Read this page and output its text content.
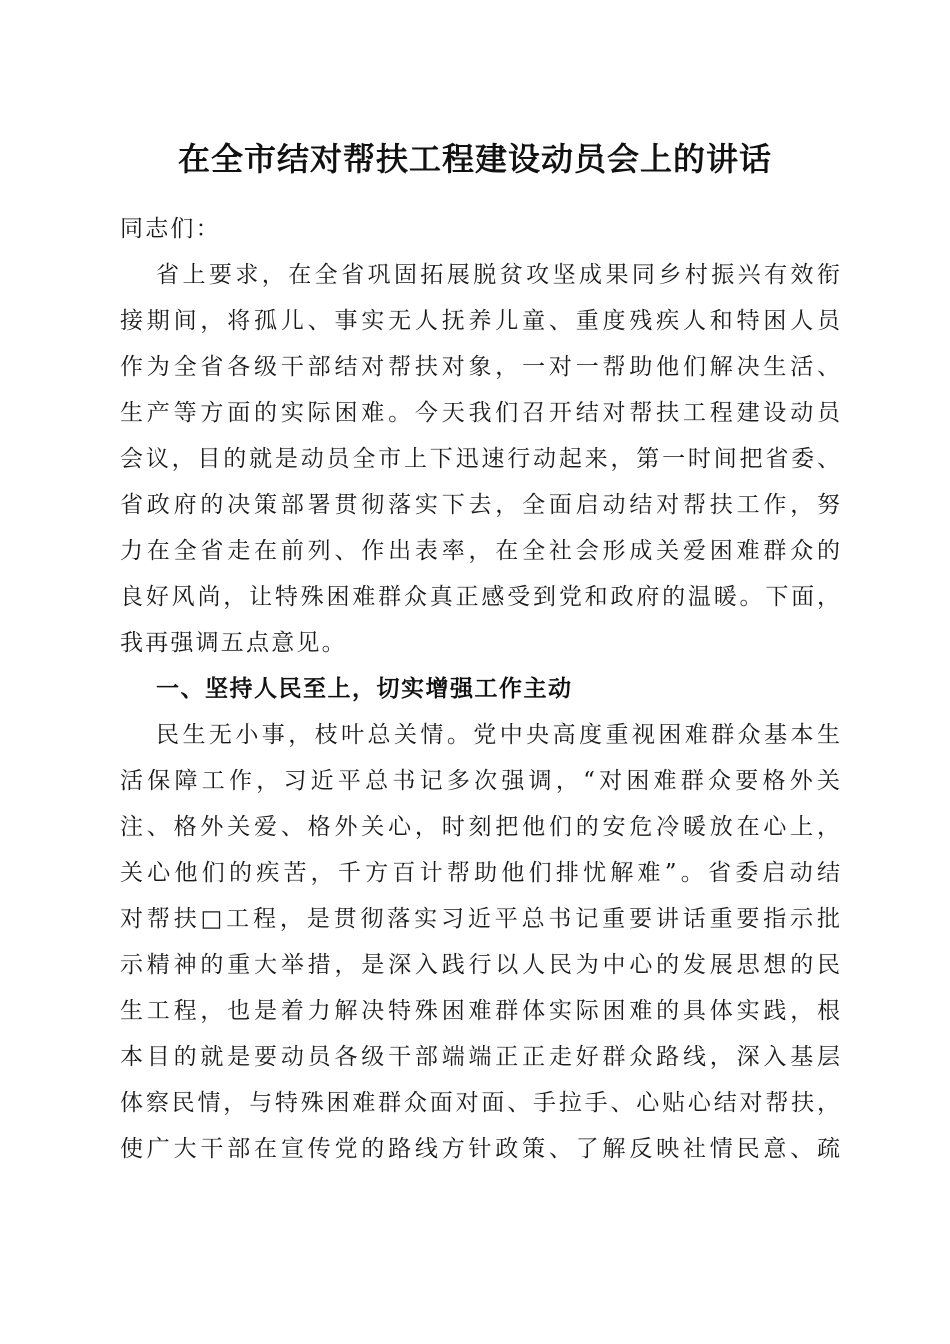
在全市结对帮扶工程建设动员会上的讲话
同志们：
省上要求，在全省巩固拓展脱贫攻坚成果同乡村振兴有效衔
接期间，将孤儿、事实无人抚养儿童、重度残疾人和特困人员
作为全省各级干部结对帮扶对象，一对一帮助他们解决生活、
生产等方面的实际困难。今天我们召开结对帮扶工程建设动员
会议，目的就是动员全市上下迅速行动起来，第一时间把省委、
省政府的决策部署贯彻落实下去，全面启动结对帮扶工作，努
力在全省走在前列、作出表率，在全社会形成关爱困难群众的
良好风尚，让特殊困难群众真正感受到党和政府的温暖。下面，
我再强调五点意见。
一、坚持人民至上，切实增强工作主动
民生无小事，枝叶总关情。党中央高度重视困难群众基本生
活保障工作，习近平总书记多次强调，“对困难群众要格外关
注、格外关爱、格外关心，时刻把他们的安危冷暖放在心上，
关心他们的疾苦，千方百计帮助他们排忧解难”。省委启动结
对帮扶□工程，是贯彻落实习近平总书记重要讲话重要指示批
示精神的重大举措，是深入践行以人民为中心的发展思想的民
生工程，也是着力解决特殊困难群体实际困难的具体实践，根
本目的就是要动员各级干部端端正正走好群众路线，深入基层
体察民情，与特殊困难群众面对面、手拉手、心贴心结对帮扶，
使广大干部在宣传党的路线方针政策、了解反映社情民意、疏
